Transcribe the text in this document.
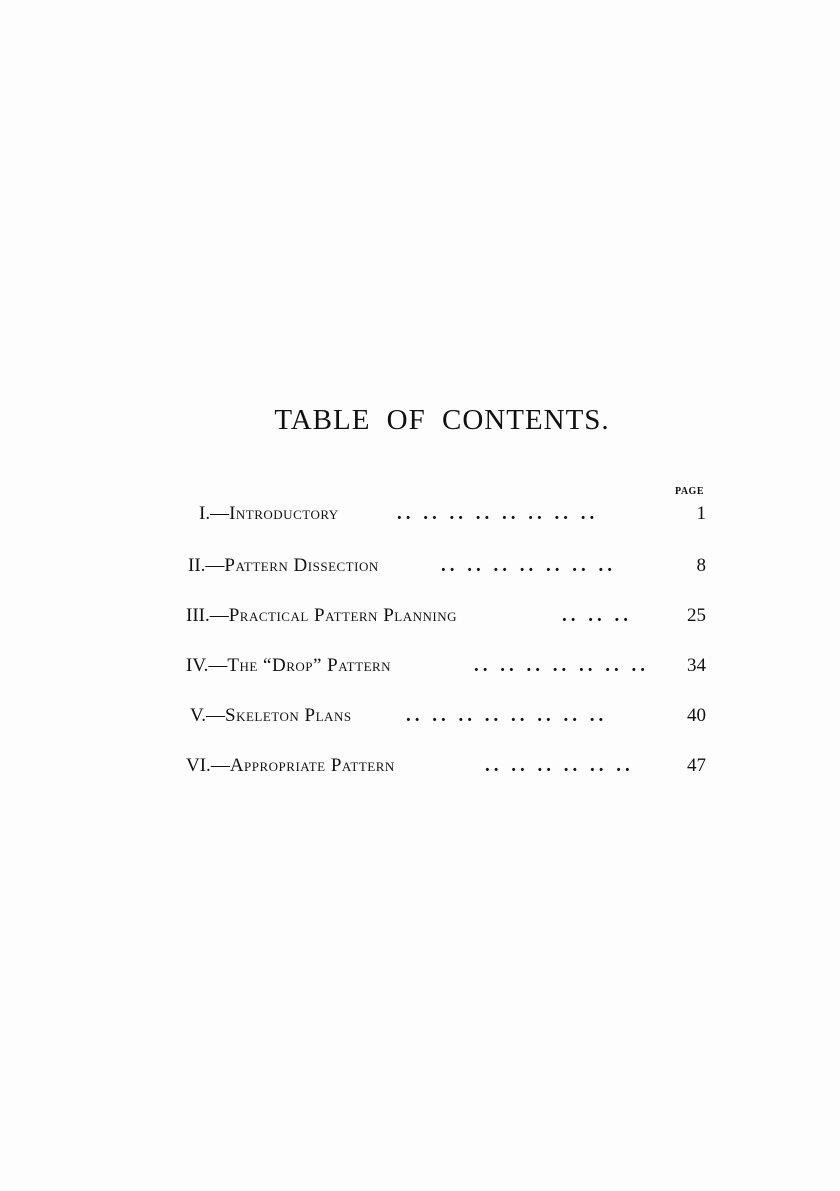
TABLE OF CONTENTS.
PAGE
I.—Introductory	.. .. .. .. .. .. .. ..	1
II.—Pattern Dissection	.. .. .. .. .. .. ..	8
III.—Practical Pattern Planning	.. .. ..	25
IV.—The “Drop” Pattern	.. .. .. .. .. .. ..	34
V.—Skeleton Plans	.. .. .. .. .. .. .. ..	40
VI.—Appropriate Pattern	.. .. .. .. .. ..	47
